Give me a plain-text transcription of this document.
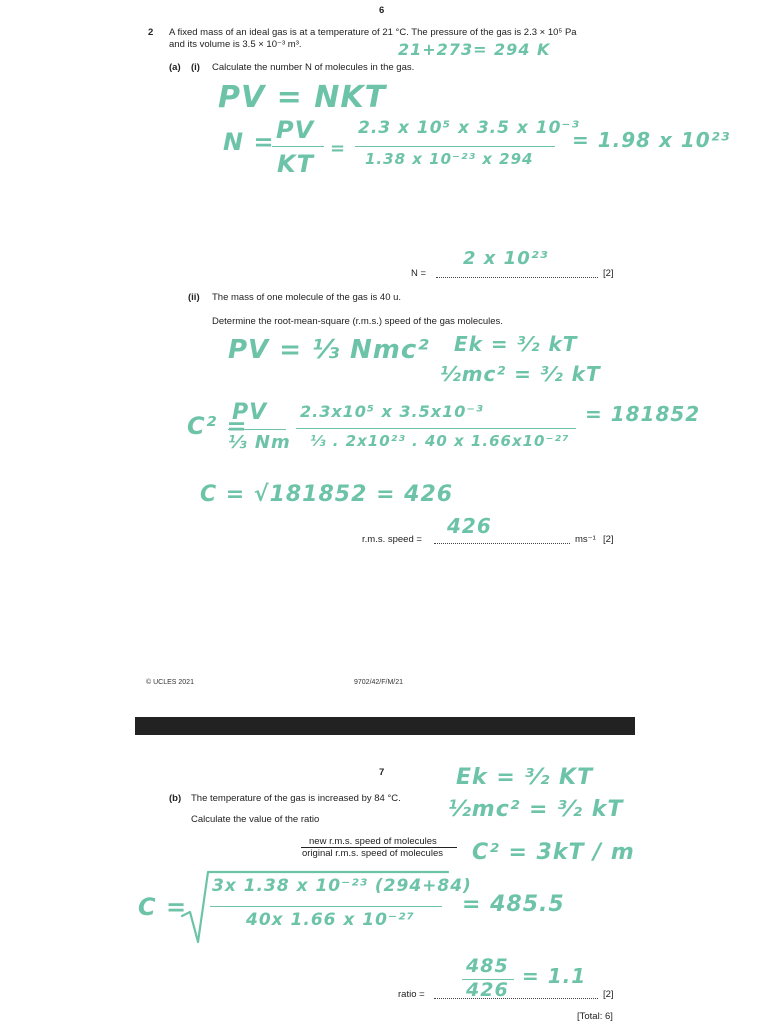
6
2 A fixed mass of an ideal gas is at a temperature of 21 °C. The pressure of the gas is 2.3 × 10⁵ Pa
and its volume is 3.5 × 10⁻³ m³.	21+273= 294 K
(a) (i) Calculate the number N of molecules in the gas.
PV = NKT
N = PV
KT
=
2.3 x 10⁵ x 3.5 x 10⁻³
1.38 x 10⁻²³ x 294
= 1.98 x 10²³
N =
2 x 10²³
[2]
(ii) The mass of one molecule of the gas is 40 u.
Determine the root-mean-square (r.m.s.) speed of the gas molecules.
PV = ⅓ Nmc² Ek = ³⁄₂ kT
½mc² = ³⁄₂ kT
C² =
PV
⅓ Nm
2.3x10⁵ x 3.5x10⁻³
⅓ . 2x10²³ . 40 x 1.66x10⁻²⁷
= 181852
C = √181852 = 426
r.m.s. speed =
426
ms⁻¹ [2]
© UCLES 2021	9702/42/F/M/21
7
(b) The temperature of the gas is increased by 84 °C.
Calculate the value of the ratio
new r.m.s. speed of molecules
original r.m.s. speed of molecules
Ek = ³⁄₂ KT
½mc² = ³⁄₂ kT
C² = 3kT / m
C =
3x 1.38 x 10⁻²³ (294+84)
40x 1.66 x 10⁻²⁷
= 485.5
485
426
= 1.1
ratio =	[2]
[Total: 6]
